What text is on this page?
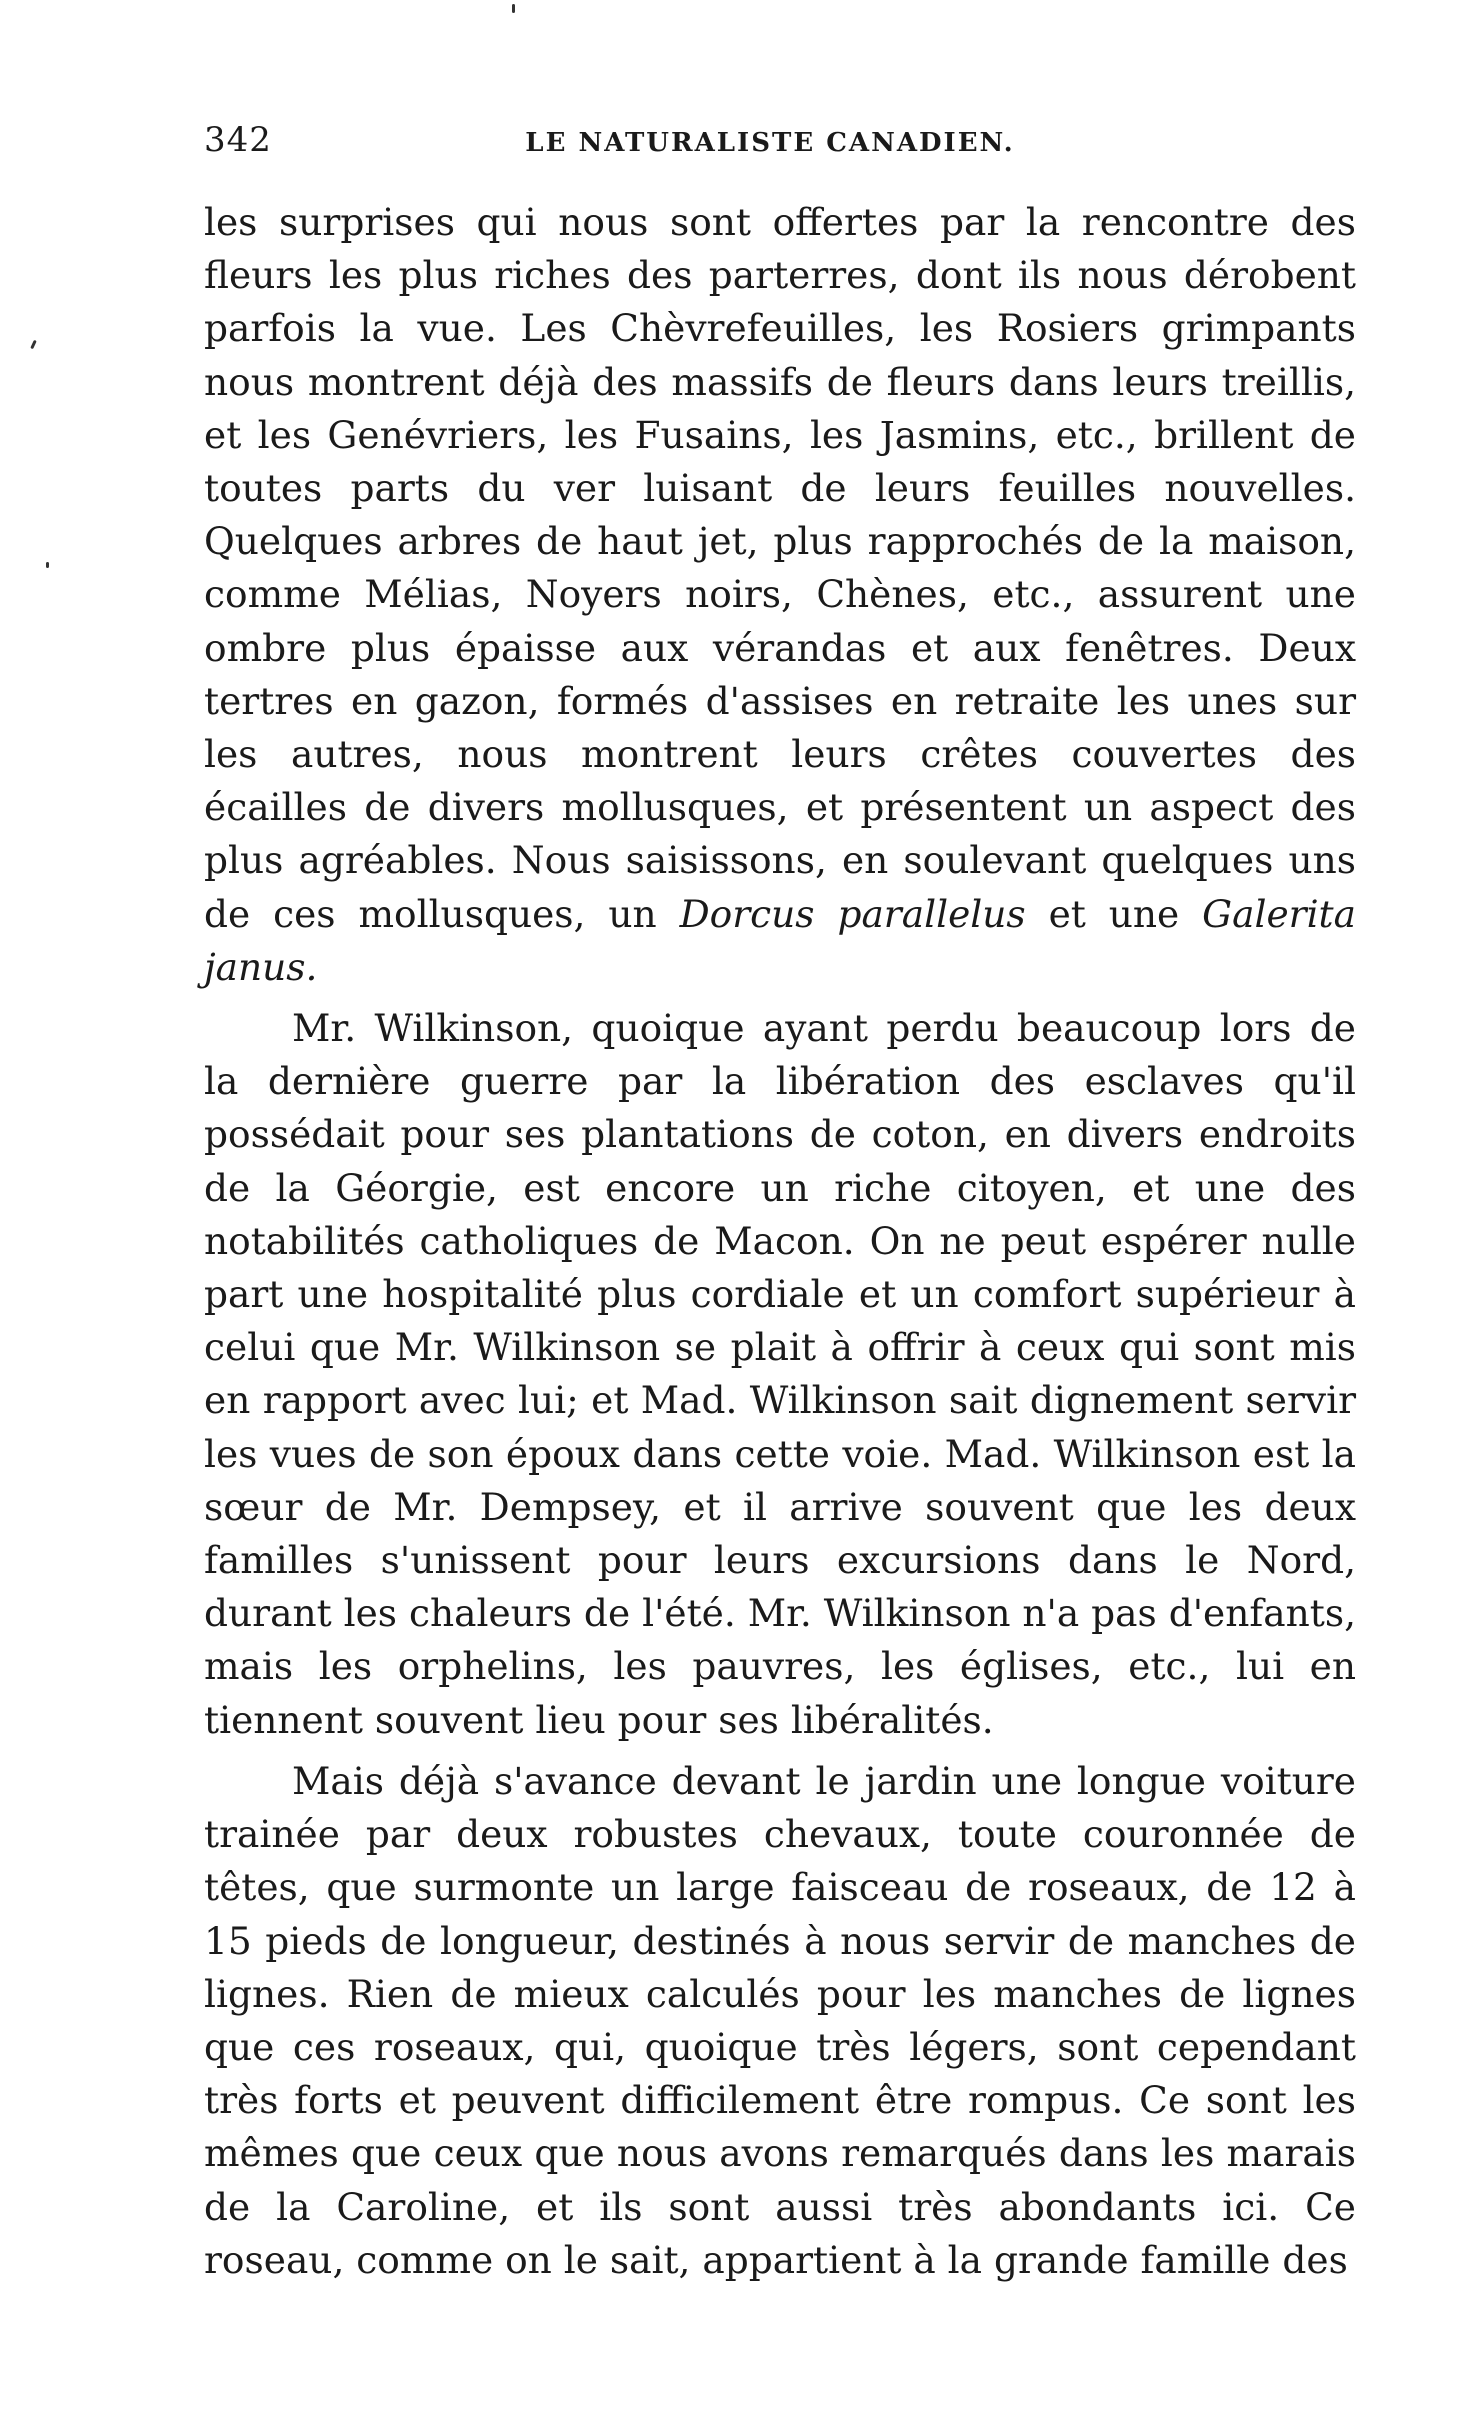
342	LE NATURALISTE CANADIEN.

les surprises qui nous sont offertes par la rencontre des fleurs les plus riches des parterres, dont ils nous dérobent parfois la vue. Les Chèvrefeuilles, les Rosiers grimpants nous montrent déjà des massifs de fleurs dans leurs treillis, et les Genévriers, les Fusains, les Jasmins, etc., brillent de toutes parts du ver luisant de leurs feuilles nouvelles. Quelques arbres de haut jet, plus rapprochés de la maison, comme Mélias, Noyers noirs, Chènes, etc., assurent une ombre plus épaisse aux vérandas et aux fenêtres. Deux tertres en gazon, formés d'assises en retraite les unes sur les autres, nous montrent leurs crêtes couvertes des écailles de divers mollusques, et présentent un aspect des plus agréables. Nous saisissons, en soulevant quelques uns de ces mollusques, un Dorcus parallelus et une Galerita janus.

Mr. Wilkinson, quoique ayant perdu beaucoup lors de la dernière guerre par la libération des esclaves qu'il possédait pour ses plantations de coton, en divers endroits de la Géorgie, est encore un riche citoyen, et une des notabilités catholiques de Macon. On ne peut espérer nulle part une hospitalité plus cordiale et un comfort supérieur à celui que Mr. Wilkinson se plait à offrir à ceux qui sont mis en rapport avec lui; et Mad. Wilkinson sait dignement servir les vues de son époux dans cette voie. Mad. Wilkinson est la sœur de Mr. Dempsey, et il arrive souvent que les deux familles s'unissent pour leurs excursions dans le Nord, durant les chaleurs de l'été. Mr. Wilkinson n'a pas d'enfants, mais les orphelins, les pauvres, les églises, etc., lui en tiennent souvent lieu pour ses libéralités.

Mais déjà s'avance devant le jardin une longue voiture trainée par deux robustes chevaux, toute couronnée de têtes, que surmonte un large faisceau de roseaux, de 12 à 15 pieds de longueur, destinés à nous servir de manches de lignes. Rien de mieux calculés pour les manches de lignes que ces roseaux, qui, quoique très légers, sont cependant très forts et peuvent difficilement être rompus. Ce sont les mêmes que ceux que nous avons remarqués dans les marais de la Caroline, et ils sont aussi très abondants ici. Ce roseau, comme on le sait, appartient à la grande famille des
